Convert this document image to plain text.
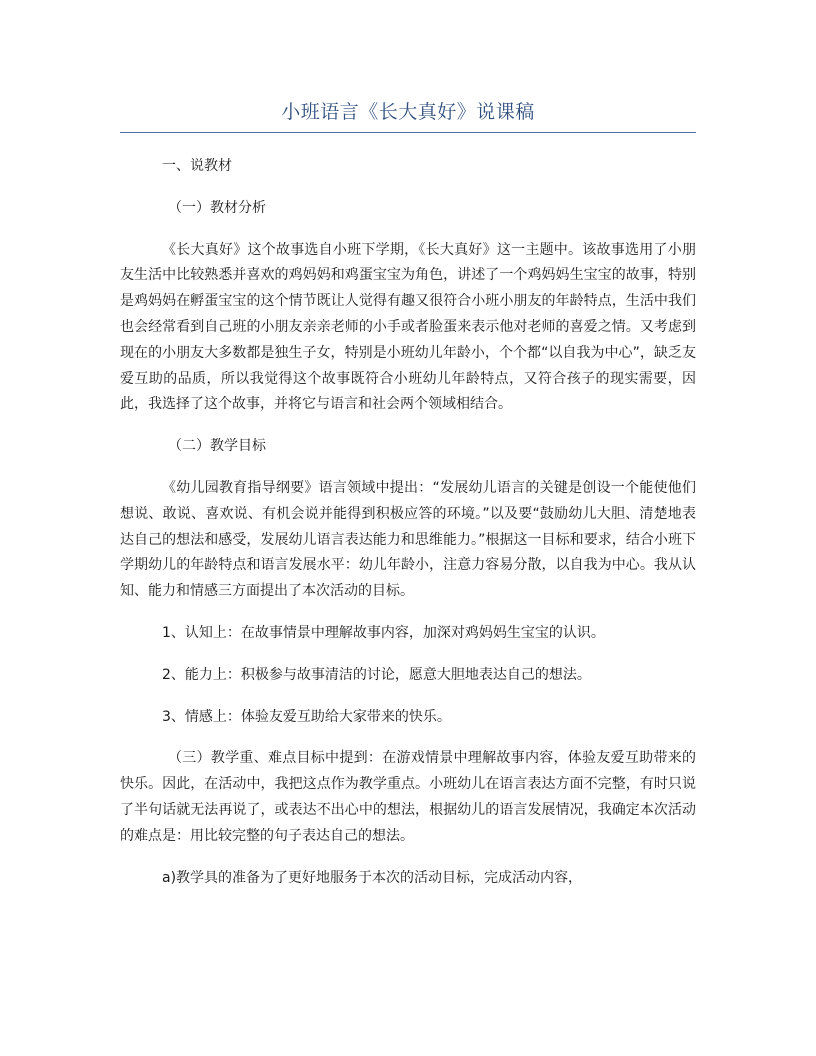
小班语言《长大真好》说课稿

一、说教材

（一）教材分析

《长大真好》这个故事选自小班下学期，《长大真好》这一主题中。该故事选用了小朋友生活中比较熟悉并喜欢的鸡妈妈和鸡蛋宝宝为角色，讲述了一个鸡妈妈生宝宝的故事，特别是鸡妈妈在孵蛋宝宝的这个情节既让人觉得有趣又很符合小班小朋友的年龄特点，生活中我们也会经常看到自己班的小朋友亲亲老师的小手或者脸蛋来表示他对老师的喜爱之情。又考虑到现在的小朋友大多数都是独生子女，特别是小班幼儿年龄小，个个都“以自我为中心”，缺乏友爱互助的品质，所以我觉得这个故事既符合小班幼儿年龄特点，又符合孩子的现实需要，因此，我选择了这个故事，并将它与语言和社会两个领域相结合。

（二）教学目标

《幼儿园教育指导纲要》语言领域中提出：“发展幼儿语言的关键是创设一个能使他们想说、敢说、喜欢说、有机会说并能得到积极应答的环境。”以及要“鼓励幼儿大胆、清楚地表达自己的想法和感受，发展幼儿语言表达能力和思维能力。”根据这一目标和要求，结合小班下学期幼儿的年龄特点和语言发展水平：幼儿年龄小，注意力容易分散，以自我为中心。我从认知、能力和情感三方面提出了本次活动的目标。

1、认知上：在故事情景中理解故事内容，加深对鸡妈妈生宝宝的认识。

2、能力上：积极参与故事清洁的讨论，愿意大胆地表达自己的想法。

3、情感上：体验友爱互助给大家带来的快乐。

（三）教学重、难点目标中提到：在游戏情景中理解故事内容，体验友爱互助带来的快乐。因此，在活动中，我把这点作为教学重点。小班幼儿在语言表达方面不完整，有时只说了半句话就无法再说了，或表达不出心中的想法，根据幼儿的语言发展情况，我确定本次活动的难点是：用比较完整的句子表达自己的想法。

a)教学具的准备为了更好地服务于本次的活动目标，完成活动内容，
